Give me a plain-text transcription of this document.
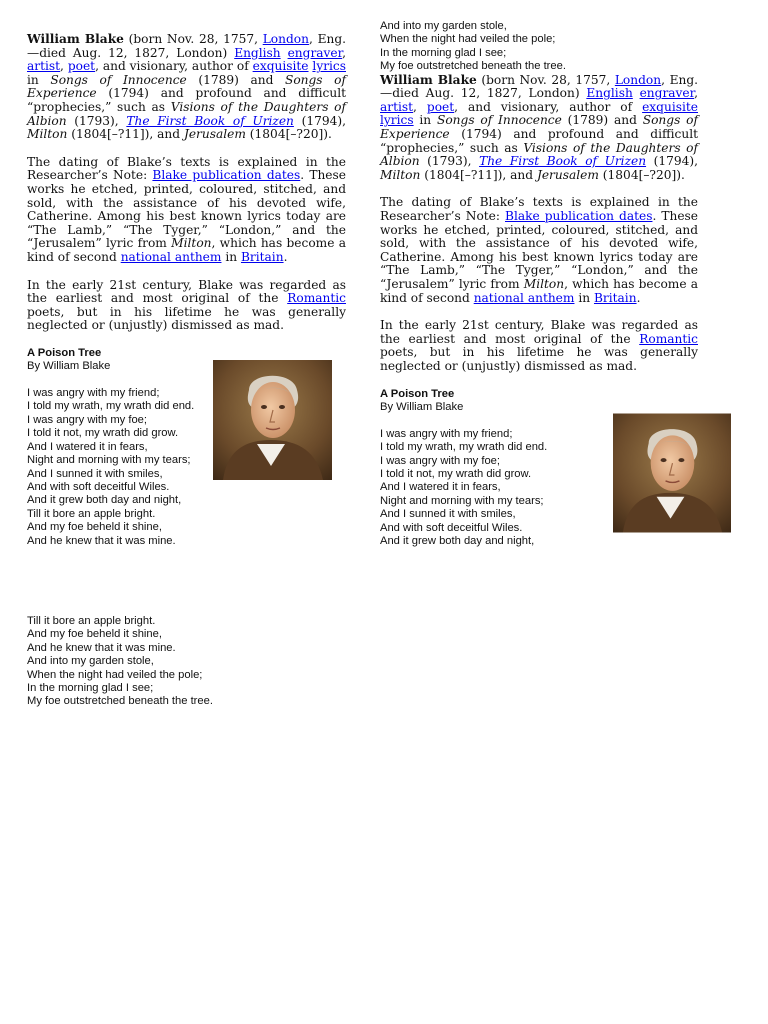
William Blake (born Nov. 28, 1757, London, Eng.—died Aug. 12, 1827, London) English engraver, artist, poet, and visionary, author of exquisite lyrics in Songs of Innocence (1789) and Songs of Experience (1794) and profound and difficult “prophecies,” such as Visions of the Daughters of Albion (1793), The First Book of Urizen (1794), Milton (1804[–?11]), and Jerusalem (1804[–?20]).

The dating of Blake’s texts is explained in the Researcher’s Note: Blake publication dates. These works he etched, printed, coloured, stitched, and sold, with the assistance of his devoted wife, Catherine. Among his best known lyrics today are “The Lamb,” “The Tyger,” “London,” and the “Jerusalem” lyric from Milton, which has become a kind of second national anthem in Britain.

In the early 21st century, Blake was regarded as the earliest and most original of the Romantic poets, but in his lifetime he was generally neglected or (unjustly) dismissed as mad.

A Poison Tree
By William Blake
I was angry with my friend;
I told my wrath, my wrath did end.
I was angry with my foe;
I told it not, my wrath did grow.
And I watered it in fears,
Night and morning with my tears;
And I sunned it with smiles,
And with soft deceitful Wiles.
And it grew both day and night,
Till it bore an apple bright.
And my foe beheld it shine,
And he knew that it was mine.
Till it bore an apple bright.
And my foe beheld it shine,
And he knew that it was mine.
And into my garden stole,
When the night had veiled the pole;
In the morning glad I see;
My foe outstretched beneath the tree.
And into my garden stole,
When the night had veiled the pole;
In the morning glad I see;
My foe outstretched beneath the tree.

William Blake (born Nov. 28, 1757, London, Eng.—died Aug. 12, 1827, London) English engraver, artist, poet, and visionary, author of exquisite lyrics in Songs of Innocence (1789) and Songs of Experience (1794) and profound and difficult “prophecies,” such as Visions of the Daughters of Albion (1793), The First Book of Urizen (1794), Milton (1804[–?11]), and Jerusalem (1804[–?20]).

The dating of Blake’s texts is explained in the Researcher’s Note: Blake publication dates. These works he etched, printed, coloured, stitched, and sold, with the assistance of his devoted wife, Catherine. Among his best known lyrics today are “The Lamb,” “The Tyger,” “London,” and the “Jerusalem” lyric from Milton, which has become a kind of second national anthem in Britain.

In the early 21st century, Blake was regarded as the earliest and most original of the Romantic poets, but in his lifetime he was generally neglected or (unjustly) dismissed as mad.

A Poison Tree
By William Blake
I was angry with my friend;
I told my wrath, my wrath did end.
I was angry with my foe;
I told it not, my wrath did grow.
And I watered it in fears,
Night and morning with my tears;
And I sunned it with smiles,
And with soft deceitful Wiles.
And it grew both day and night,
